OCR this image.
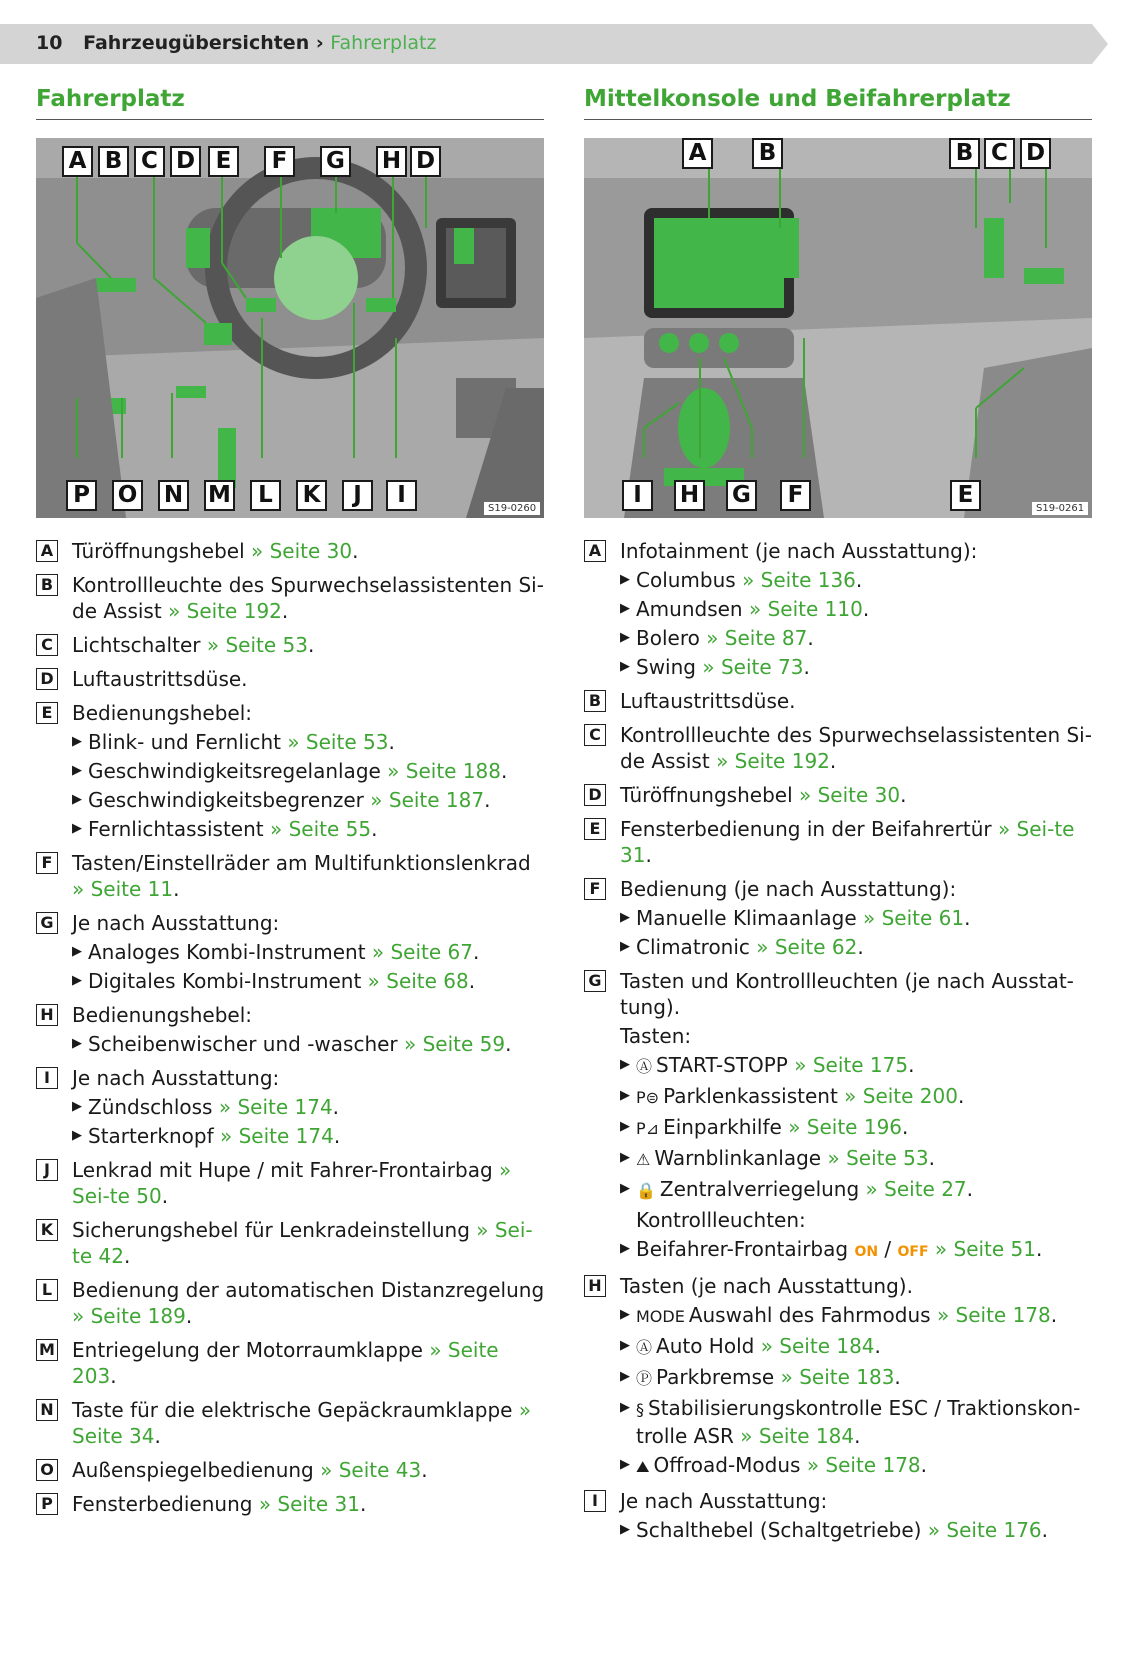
10 Fahrzeugübersichten › Fahrerplatz
Fahrerplatz
A B C D E	F	G H D
P	O N M	L	K	J	I
S19-0260
A Türöffnungshebel » Seite 30.
B Kontrollleuchte des Spurwechselassistenten Si-de Assist » Seite 192.
C Lichtschalter » Seite 53.
D Luftaustrittsdüse.
E Bedienungshebel:
▶ Blink- und Fernlicht » Seite 53.
▶ Geschwindigkeitsregelanlage » Seite 188.
▶ Geschwindigkeitsbegrenzer » Seite 187.
▶ Fernlichtassistent » Seite 55.
F Tasten/Einstellräder am Multifunktionslenkrad » Seite 11.
G Je nach Ausstattung:
▶ Analoges Kombi-Instrument » Seite 67.
▶ Digitales Kombi-Instrument » Seite 68.
H Bedienungshebel:
▶ Scheibenwischer und -wascher » Seite 59.
I	Je nach Ausstattung:
▶ Zündschloss » Seite 174.
▶ Starterknopf » Seite 174.
J	Lenkrad mit Hupe / mit Fahrer-Frontairbag » Sei-te 50.
K Sicherungshebel für Lenkradeinstellung » Sei-te 42.
L Bedienung der automatischen Distanzregelung » Seite 189.
M Entriegelung der Motorraumklappe » Seite 203.
N Taste für die elektrische Gepäckraumklappe » Seite 34.
O Außenspiegelbedienung » Seite 43.
P Fensterbedienung » Seite 31.
Mittelkonsole und Beifahrerplatz
A B	B C D
I	H G	F	E
S19-0261
A Infotainment (je nach Ausstattung):
▶ Columbus » Seite 136.
▶ Amundsen » Seite 110.
▶ Bolero » Seite 87.
▶ Swing » Seite 73.
B Luftaustrittsdüse.
C Kontrollleuchte des Spurwechselassistenten Si-de Assist » Seite 192.
D Türöffnungshebel » Seite 30.
E Fensterbedienung in der Beifahrertür » Sei-te 31.
F Bedienung (je nach Ausstattung):
▶ Manuelle Klimaanlage » Seite 61.
▶ Climatronic » Seite 62.
G Tasten und Kontrollleuchten (je nach Ausstat-tung).
Tasten:
▶ Ⓐ START-STOPP » Seite 175.
▶ P⊜ Parklenkassistent » Seite 200.
▶ P⊿ Einparkhilfe » Seite 196.
▶ ⚠ Warnblinkanlage » Seite 53.
▶ 🔒 Zentralverriegelung » Seite 27.
Kontrollleuchten:
▶ Beifahrer-Frontairbag ON / OFF » Seite 51.
H Tasten (je nach Ausstattung).
▶ MODE Auswahl des Fahrmodus » Seite 178.
▶ Ⓐ Auto Hold » Seite 184.
▶ Ⓟ Parkbremse » Seite 183.
▶ § Stabilisierungskontrolle ESC / Traktionskon-trolle ASR » Seite 184.
▶ ⛰ Offroad-Modus » Seite 178.
I	Je nach Ausstattung:
▶ Schalthebel (Schaltgetriebe) » Seite 176.
